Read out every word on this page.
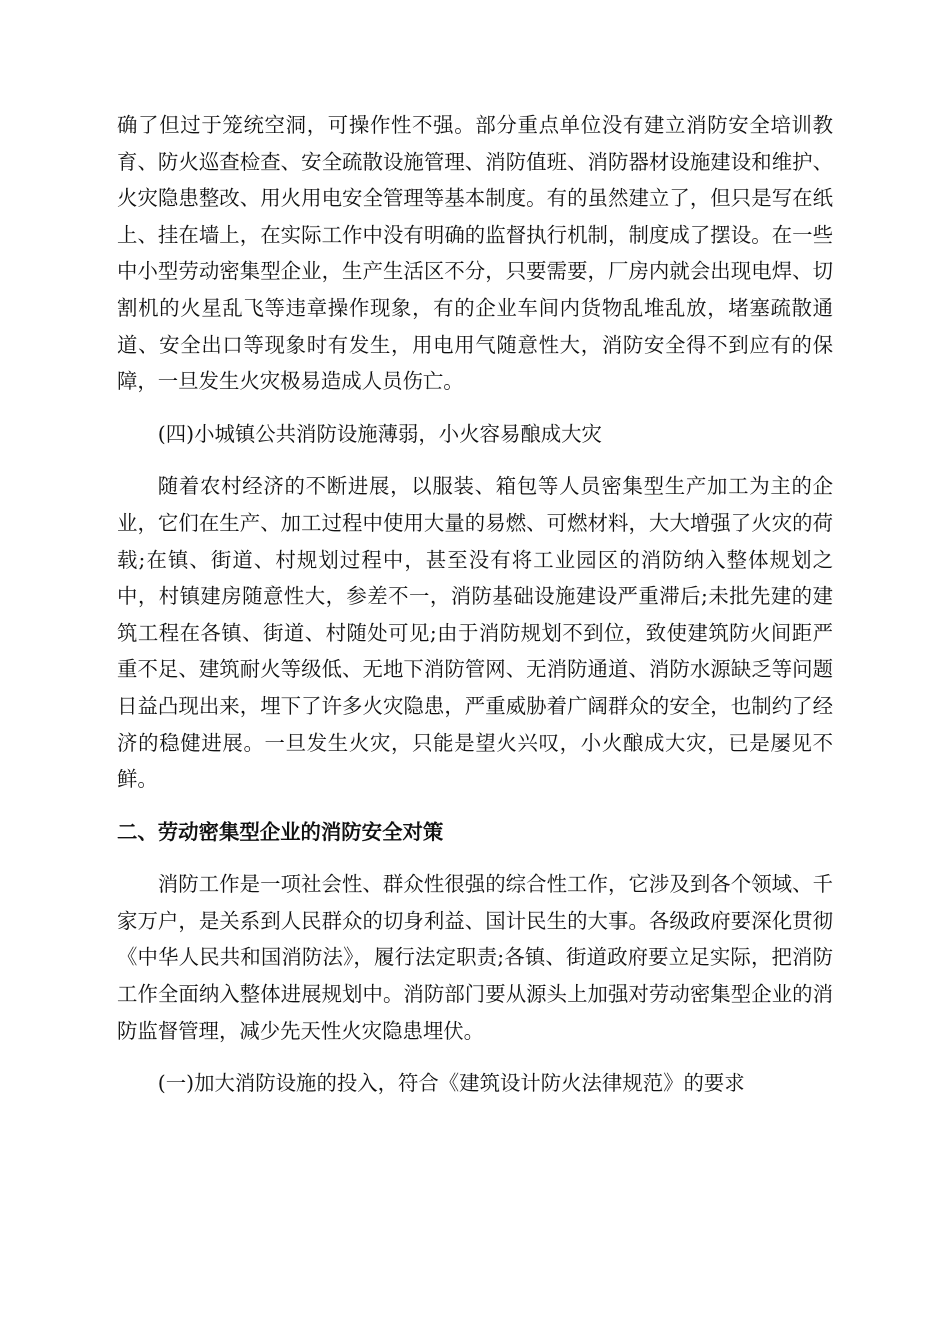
确了但过于笼统空洞，可操作性不强。部分重点单位没有建立消防安全培训教育、防火巡查检查、安全疏散设施管理、消防值班、消防器材设施建设和维护、火灾隐患整改、用火用电安全管理等基本制度。有的虽然建立了，但只是写在纸上、挂在墙上，在实际工作中没有明确的监督执行机制，制度成了摆设。在一些中小型劳动密集型企业，生产生活区不分，只要需要，厂房内就会出现电焊、切割机的火星乱飞等违章操作现象，有的企业车间内货物乱堆乱放，堵塞疏散通道、安全出口等现象时有发生，用电用气随意性大，消防安全得不到应有的保障，一旦发生火灾极易造成人员伤亡。

(四)小城镇公共消防设施薄弱，小火容易酿成大灾

随着农村经济的不断进展，以服装、箱包等人员密集型生产加工为主的企业，它们在生产、加工过程中使用大量的易燃、可燃材料，大大增强了火灾的荷载;在镇、街道、村规划过程中，甚至没有将工业园区的消防纳入整体规划之中，村镇建房随意性大，参差不一，消防基础设施建设严重滞后;未批先建的建筑工程在各镇、街道、村随处可见;由于消防规划不到位，致使建筑防火间距严重不足、建筑耐火等级低、无地下消防管网、无消防通道、消防水源缺乏等问题日益凸现出来，埋下了许多火灾隐患，严重威胁着广阔群众的安全，也制约了经济的稳健进展。一旦发生火灾，只能是望火兴叹，小火酿成大灾，已是屡见不鲜。

二、劳动密集型企业的消防安全对策

消防工作是一项社会性、群众性很强的综合性工作，它涉及到各个领域、千家万户，是关系到人民群众的切身利益、国计民生的大事。各级政府要深化贯彻《中华人民共和国消防法》，履行法定职责;各镇、街道政府要立足实际，把消防工作全面纳入整体进展规划中。消防部门要从源头上加强对劳动密集型企业的消防监督管理，减少先天性火灾隐患埋伏。

(一)加大消防设施的投入，符合《建筑设计防火法律规范》的要求
